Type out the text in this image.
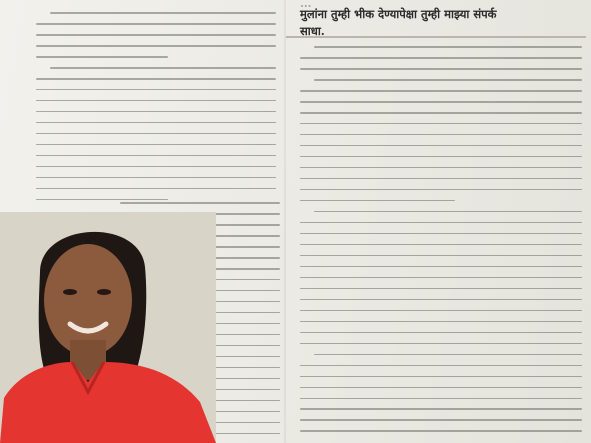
…
मुलांना तुम्ही भीक देण्यापेक्षा तुम्ही माझ्या संपर्क
साधा.
